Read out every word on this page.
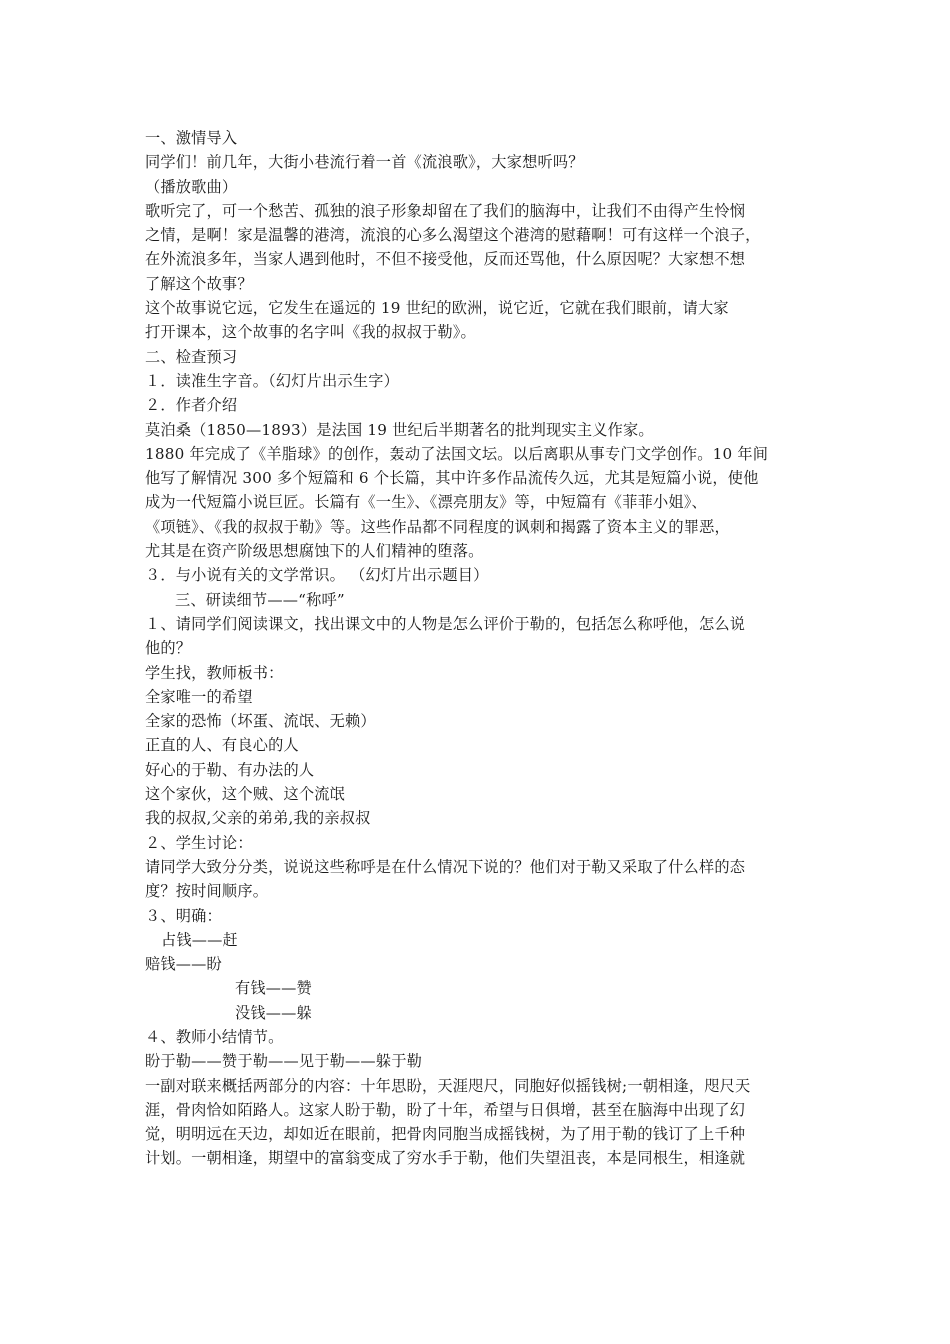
一、激情导入
同学们！前几年，大街小巷流行着一首《流浪歌》，大家想听吗？
（播放歌曲）
歌听完了，可一个愁苦、孤独的浪子形象却留在了我们的脑海中，让我们不由得产生怜悯
之情，是啊！家是温馨的港湾，流浪的心多么渴望这个港湾的慰藉啊！可有这样一个浪子，
在外流浪多年，当家人遇到他时，不但不接受他，反而还骂他，什么原因呢？大家想不想
了解这个故事？
这个故事说它远，它发生在遥远的 19 世纪的欧洲，说它近，它就在我们眼前，请大家
打开课本，这个故事的名字叫《我的叔叔于勒》。
二、检查预习
１．读准生字音。（幻灯片出示生字）
２．作者介绍
莫泊桑（1850—1893）是法国 19 世纪后半期著名的批判现实主义作家。
1880 年完成了《羊脂球》的创作，轰动了法国文坛。以后离职从事专门文学创作。10 年间
他写了解情况 300 多个短篇和 6 个长篇，其中许多作品流传久远，尤其是短篇小说，使他
成为一代短篇小说巨匠。长篇有《一生》、《漂亮朋友》等，中短篇有《菲菲小姐》、
《项链》、《我的叔叔于勒》等。这些作品都不同程度的讽刺和揭露了资本主义的罪恶，
尤其是在资产阶级思想腐蚀下的人们精神的堕落。
３．与小说有关的文学常识。 （幻灯片出示题目）
三、研读细节——“称呼”
１、请同学们阅读课文，找出课文中的人物是怎么评价于勒的，包括怎么称呼他，怎么说
他的？
学生找，教师板书：
全家唯一的希望
全家的恐怖（坏蛋、流氓、无赖）
正直的人、有良心的人
好心的于勒、有办法的人
这个家伙，这个贼、这个流氓
我的叔叔,父亲的弟弟,我的亲叔叔
２、学生讨论：
请同学大致分分类，说说这些称呼是在什么情况下说的？他们对于勒又采取了什么样的态
度？按时间顺序。
３、明确：
占钱——赶
赔钱——盼
有钱——赞
没钱——躲
４、教师小结情节。
盼于勒——赞于勒——见于勒——躲于勒
一副对联来概括两部分的内容：十年思盼，天涯咫尺，同胞好似摇钱树;一朝相逢，咫尺天
涯，骨肉恰如陌路人。这家人盼于勒，盼了十年，希望与日俱增，甚至在脑海中出现了幻
觉，明明远在天边，却如近在眼前，把骨肉同胞当成摇钱树，为了用于勒的钱订了上千种
计划。一朝相逢，期望中的富翁变成了穷水手于勒，他们失望沮丧，本是同根生，相逢就
